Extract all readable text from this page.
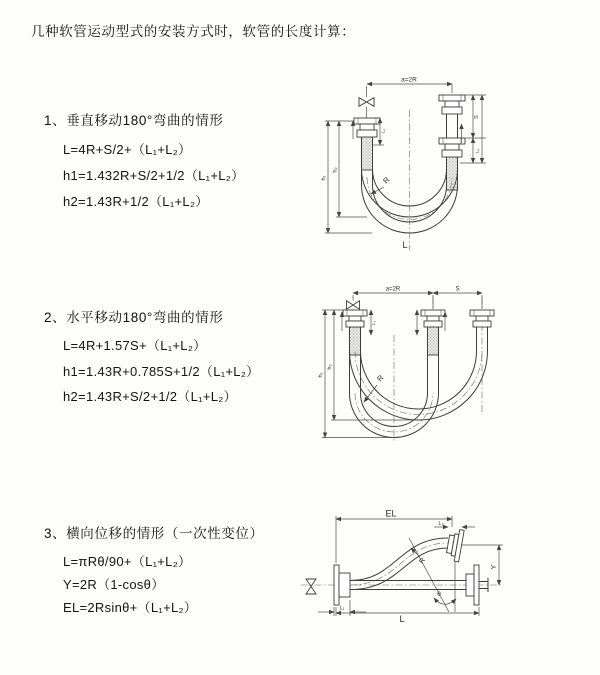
几种软管运动型式的安装方式时，软管的长度计算：
1、垂直移动180°弯曲的情形
L=4R+S/2+（L₁+L₂）
h1=1.432R+S/2+1/2（L₁+L₂）
h2=1.43R+1/2（L₁+L₂）
2、水平移动180°弯曲的情形
L=4R+1.57S+（L₁+L₂）
h1=1.43R+0.785S+1/2（L₁+L₂）
h2=1.43R+S/2+1/2（L₁+L₂）
3、横向位移的情形（一次性变位）
L=πRθ/90+（L₁+L₂）
Y=2R（1-cosθ）
EL=2Rsinθ+（L₁+L₂）
a=2R
h₁
h₂
S
L₁
L₁
R
L
a=2R	S
h₁
h₂
L₁
R
EL
L₂
L₁
Y
L
θ
R
